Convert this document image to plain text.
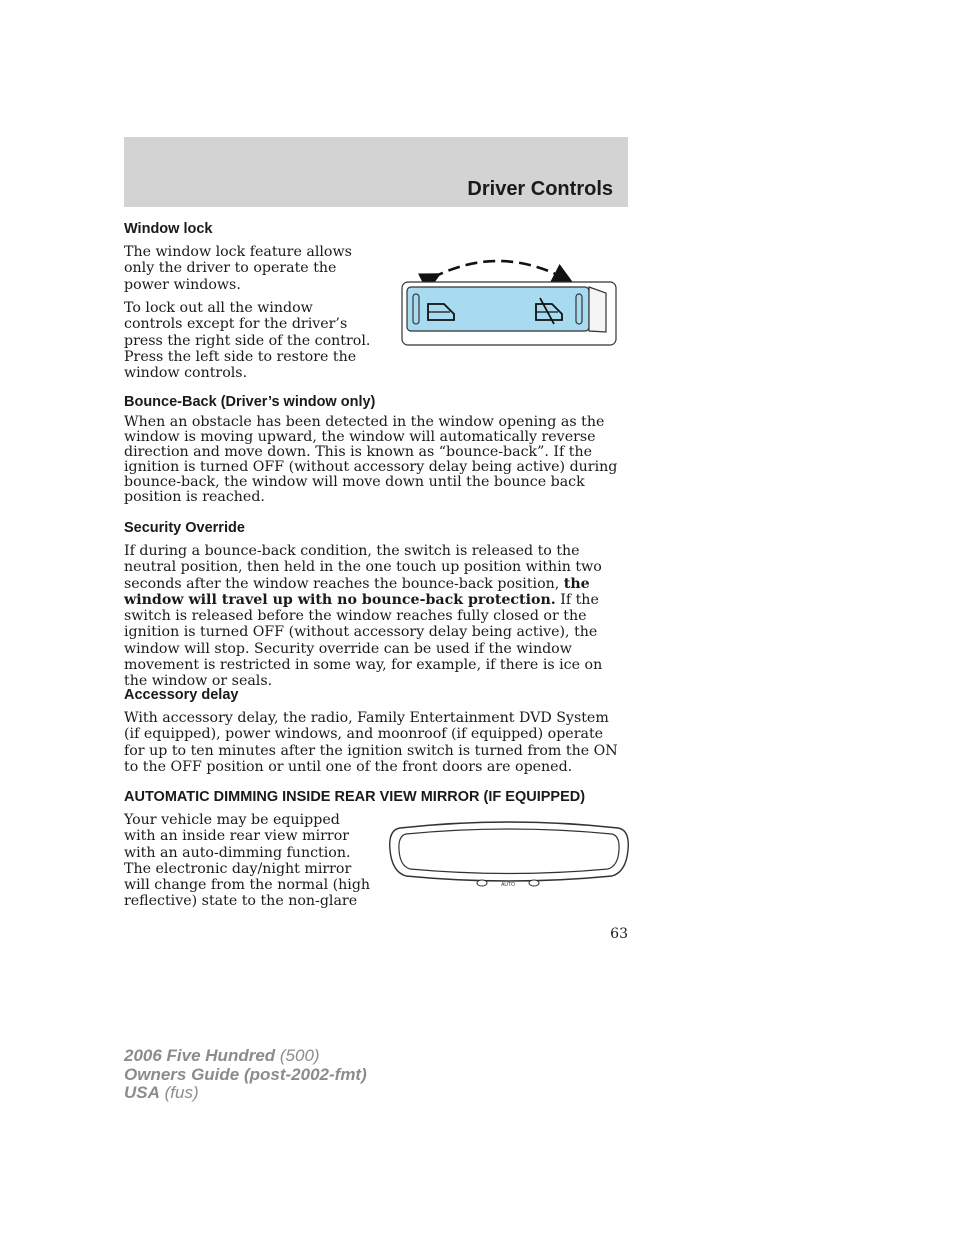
Driver Controls
Window lock
The window lock feature allows only the driver to operate the power windows.
To lock out all the window controls except for the driver’s press the right side of the control. Press the left side to restore the window controls.
Bounce-Back (Driver’s window only)
When an obstacle has been detected in the window opening as the window is moving upward, the window will automatically reverse direction and move down. This is known as “bounce-back”. If the ignition is turned OFF (without accessory delay being active) during bounce-back, the window will move down until the bounce back position is reached.
Security Override
If during a bounce-back condition, the switch is released to the neutral position, then held in the one touch up position within two seconds after the window reaches the bounce-back position, the window will travel up with no bounce-back protection. If the switch is released before the window reaches fully closed or the ignition is turned OFF (without accessory delay being active), the window will stop. Security override can be used if the window movement is restricted in some way, for example, if there is ice on the window or seals.
Accessory delay
With accessory delay, the radio, Family Entertainment DVD System (if equipped), power windows, and moonroof (if equipped) operate for up to ten minutes after the ignition switch is turned from the ON to the OFF position or until one of the front doors are opened.
AUTOMATIC DIMMING INSIDE REAR VIEW MIRROR (IF EQUIPPED)
Your vehicle may be equipped with an inside rear view mirror with an auto-dimming function. The electronic day/night mirror will change from the normal (high reflective) state to the non-glare
AUTO
63
2006 Five Hundred (500)
Owners Guide (post-2002-fmt)
USA (fus)
